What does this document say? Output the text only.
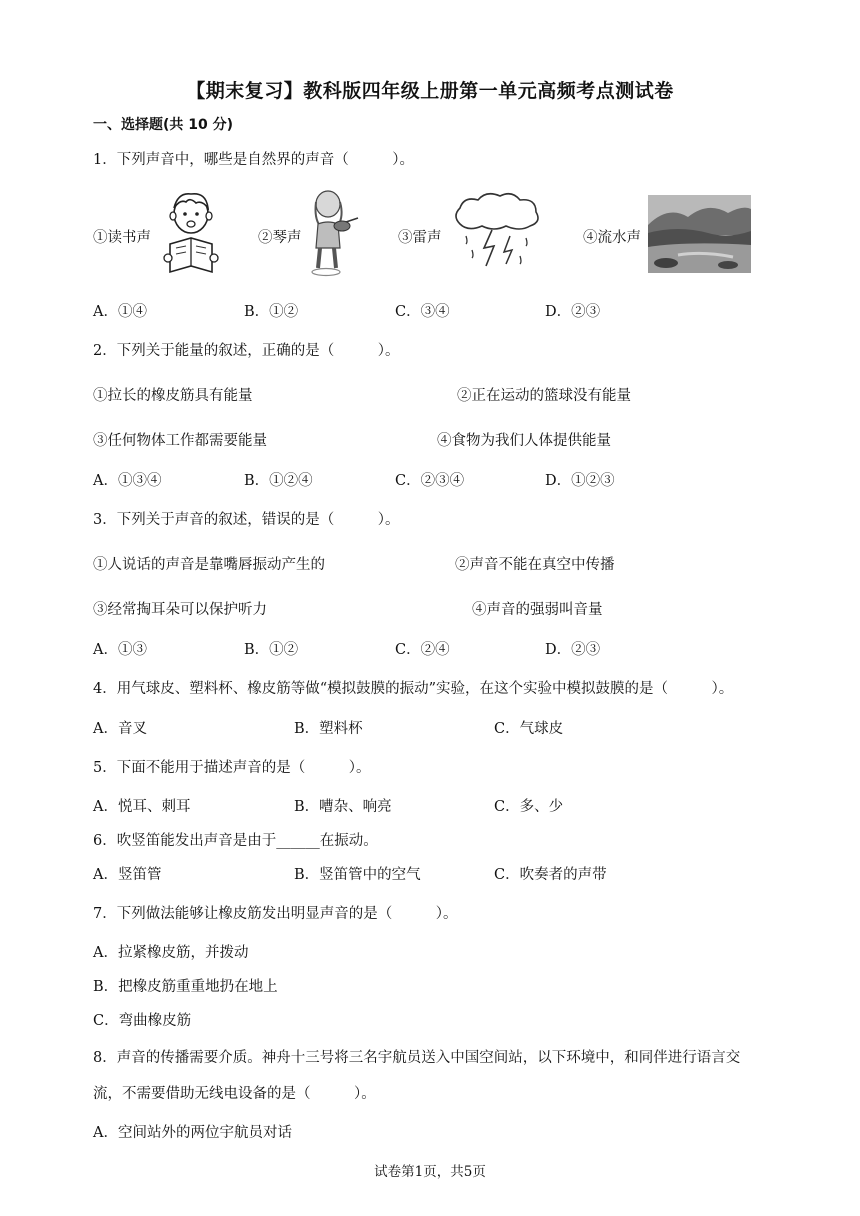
【期末复习】教科版四年级上册第一单元高频考点测试卷
一、选择题(共 10 分)
1．下列声音中，哪些是自然界的声音（　　　）。
①读书声	②琴声	③雷声	④流水声
A．①④	B．①②	C．③④	D．②③
2．下列关于能量的叙述，正确的是（　　　）。
①拉长的橡皮筋具有能量	②正在运动的篮球没有能量
③任何物体工作都需要能量	④食物为我们人体提供能量
A．①③④	B．①②④	C．②③④	D．①②③
3．下列关于声音的叙述，错误的是（　　　）。
①人说话的声音是靠嘴唇振动产生的	②声音不能在真空中传播
③经常掏耳朵可以保护听力	④声音的强弱叫音量
A．①③	B．①②	C．②④	D．②③
4．用气球皮、塑料杯、橡皮筋等做“模拟鼓膜的振动”实验，在这个实验中模拟鼓膜的是（　　　）。
A．音叉	B．塑料杯	C．气球皮
5．下面不能用于描述声音的是（　　　）。
A．悦耳、刺耳	B．嘈杂、响亮	C．多、少
6．吹竖笛能发出声音是由于______在振动。
A．竖笛管	B．竖笛管中的空气	C．吹奏者的声带
7．下列做法能够让橡皮筋发出明显声音的是（　　　）。
A．拉紧橡皮筋，并拨动
B．把橡皮筋重重地扔在地上
C．弯曲橡皮筋
8．声音的传播需要介质。神舟十三号将三名宇航员送入中国空间站，以下环境中，和同伴进行语言交
流，不需要借助无线电设备的是（　　　）。
A．空间站外的两位宇航员对话
试卷第1页，共5页
